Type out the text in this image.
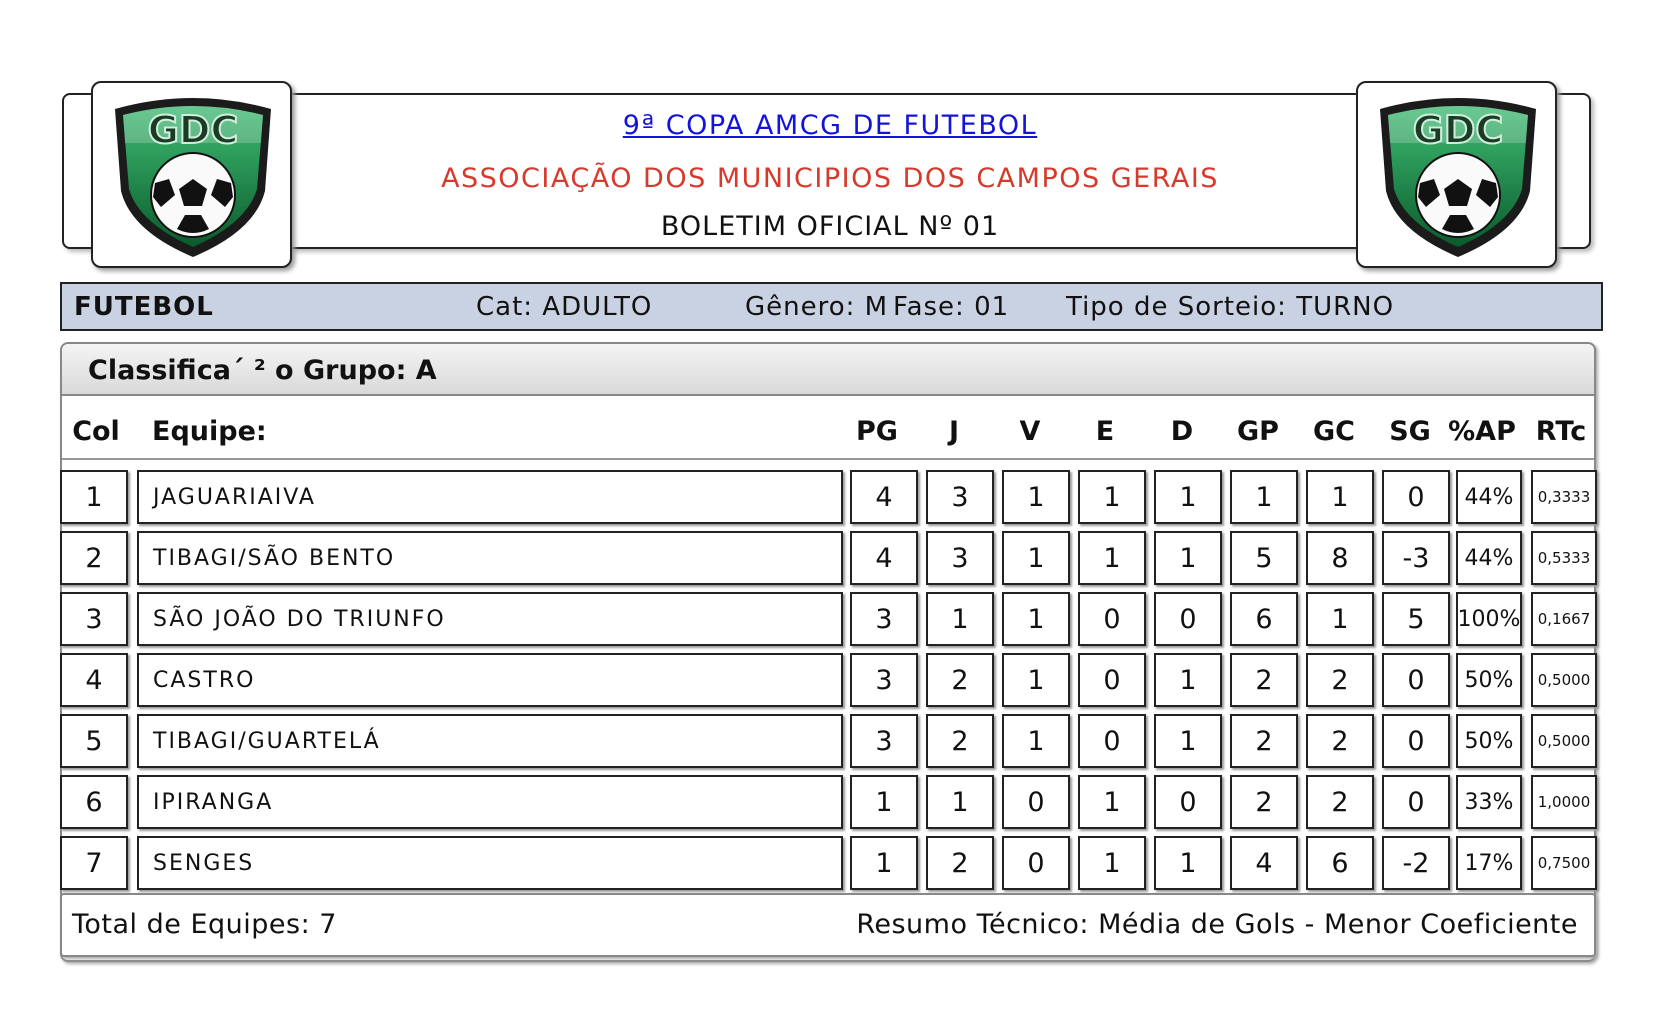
GDC	GDC
9ª COPA AMCG DE FUTEBOL
ASSOCIAÇÃO DOS MUNICIPIOS DOS CAMPOS GERAIS
BOLETIM OFICIAL Nº 01
FUTEBOL	Cat: ADULTO	Gênero: M Fase: 01 Tipo de Sorteio: TURNO
Classifica´ ² o Grupo: A
Col Equipe:	PG	J	V	E	D	GP	GC	SG %AP RTc
1	JAGUARIAIVA	4	3	1	1	1	1	1	0	44%	0,3333
2	TIBAGI/SÃO BENTO	4	3	1	1	1	5	8	-3	44%	0,5333
3	SÃO JOÃO DO TRIUNFO	3	1	1	0	0	6	1	5	100%	0,1667
4	CASTRO	3	2	1	0	1	2	2	0	50%	0,5000
5	TIBAGI/GUARTELÁ	3	2	1	0	1	2	2	0	50%	0,5000
6	IPIRANGA	1	1	0	1	0	2	2	0	33%	1,0000
7	SENGES	1	2	0	1	1	4	6	-2	17%	0,7500
Total de Equipes: 7	Resumo Técnico: Média de Gols - Menor Coeficiente
